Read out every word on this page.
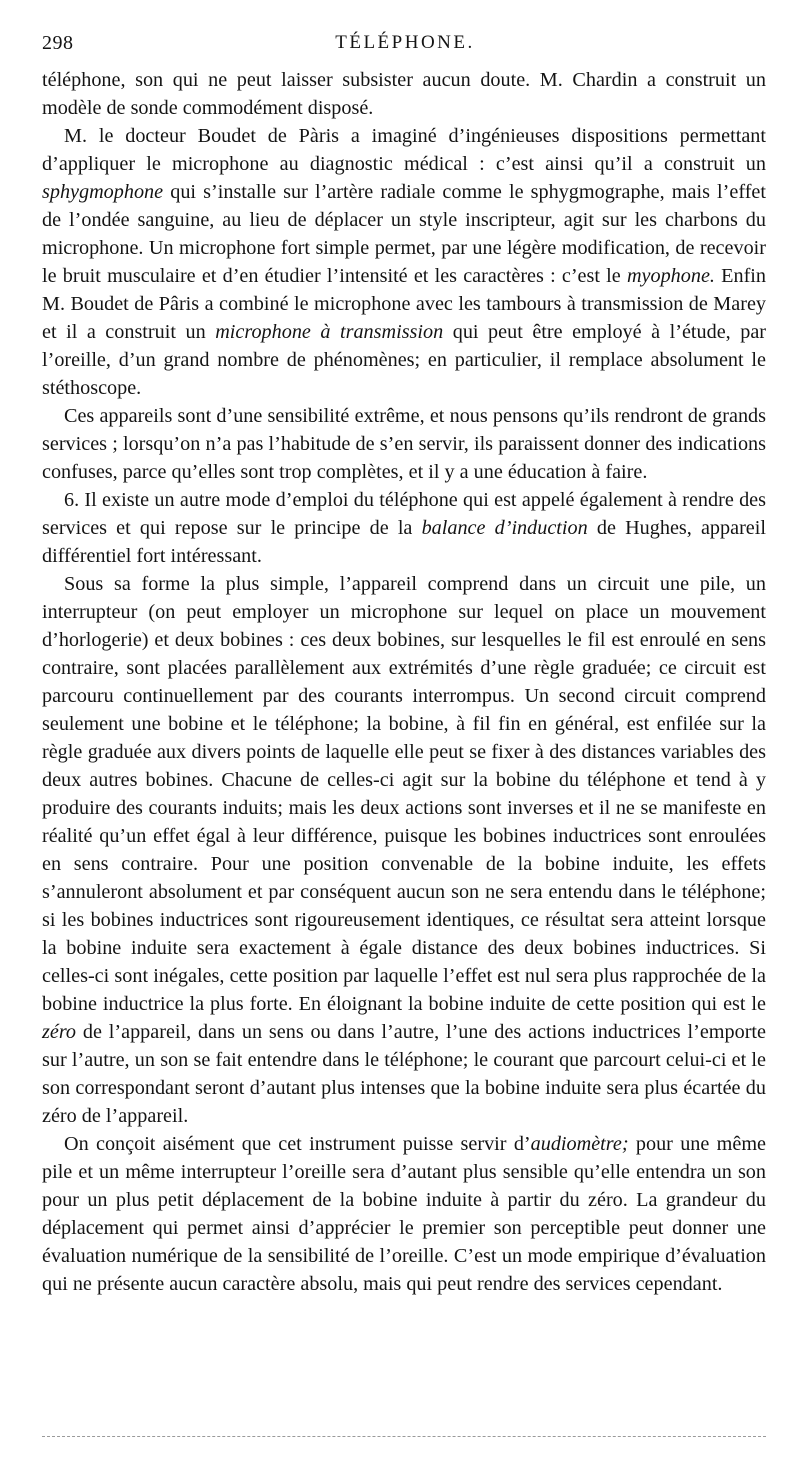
298	TÉLÉPHONE.

téléphone, son qui ne peut laisser subsister aucun doute. M. Chardin a construit un modèle de sonde commodément disposé.

M. le docteur Boudet de Pàris a imaginé d’ingénieuses dispositions permettant d’appliquer le microphone au diagnostic médical : c’est ainsi qu’il a construit un sphygmophone qui s’installe sur l’artère radiale comme le sphygmographe, mais l’effet de l’ondée sanguine, au lieu de déplacer un style inscripteur, agit sur les charbons du microphone. Un microphone fort simple permet, par une légère modification, de recevoir le bruit musculaire et d’en étudier l’intensité et les caractères : c’est le myophone. Enfin M. Boudet de Pâris a combiné le microphone avec les tambours à transmission de Marey et il a construit un microphone à transmission qui peut être employé à l’étude, par l’oreille, d’un grand nombre de phénomènes; en particulier, il remplace absolument le stéthoscope.

Ces appareils sont d’une sensibilité extrême, et nous pensons qu’ils rendront de grands services ; lorsqu’on n’a pas l’habitude de s’en servir, ils paraissent donner des indications confuses, parce qu’elles sont trop complètes, et il y a une éducation à faire.

6. Il existe un autre mode d’emploi du téléphone qui est appelé également à rendre des services et qui repose sur le principe de la balance d’induction de Hughes, appareil différentiel fort intéressant.

Sous sa forme la plus simple, l’appareil comprend dans un circuit une pile, un interrupteur (on peut employer un microphone sur lequel on place un mouvement d’horlogerie) et deux bobines : ces deux bobines, sur lesquelles le fil est enroulé en sens contraire, sont placées parallèlement aux extrémités d’une règle graduée; ce circuit est parcouru continuellement par des courants interrompus. Un second circuit comprend seulement une bobine et le téléphone; la bobine, à fil fin en général, est enfilée sur la règle graduée aux divers points de laquelle elle peut se fixer à des distances variables des deux autres bobines. Chacune de celles-ci agit sur la bobine du téléphone et tend à y produire des courants induits; mais les deux actions sont inverses et il ne se manifeste en réalité qu’un effet égal à leur différence, puisque les bobines inductrices sont enroulées en sens contraire. Pour une position convenable de la bobine induite, les effets s’annuleront absolument et par conséquent aucun son ne sera entendu dans le téléphone; si les bobines inductrices sont rigoureusement identiques, ce résultat sera atteint lorsque la bobine induite sera exactement à égale distance des deux bobines inductrices. Si celles-ci sont inégales, cette position par laquelle l’effet est nul sera plus rapprochée de la bobine inductrice la plus forte. En éloignant la bobine induite de cette position qui est le zéro de l’appareil, dans un sens ou dans l’autre, l’une des actions inductrices l’emporte sur l’autre, un son se fait entendre dans le téléphone; le courant que parcourt celui-ci et le son correspondant seront d’autant plus intenses que la bobine induite sera plus écartée du zéro de l’appareil.

On conçoit aisément que cet instrument puisse servir d’audiomètre; pour une même pile et un même interrupteur l’oreille sera d’autant plus sensible qu’elle entendra un son pour un plus petit déplacement de la bobine induite à partir du zéro. La grandeur du déplacement qui permet ainsi d’apprécier le premier son perceptible peut donner une évaluation numérique de la sensibilité de l’oreille. C’est un mode empirique d’évaluation qui ne présente aucun caractère absolu, mais qui peut rendre des services cependant.
